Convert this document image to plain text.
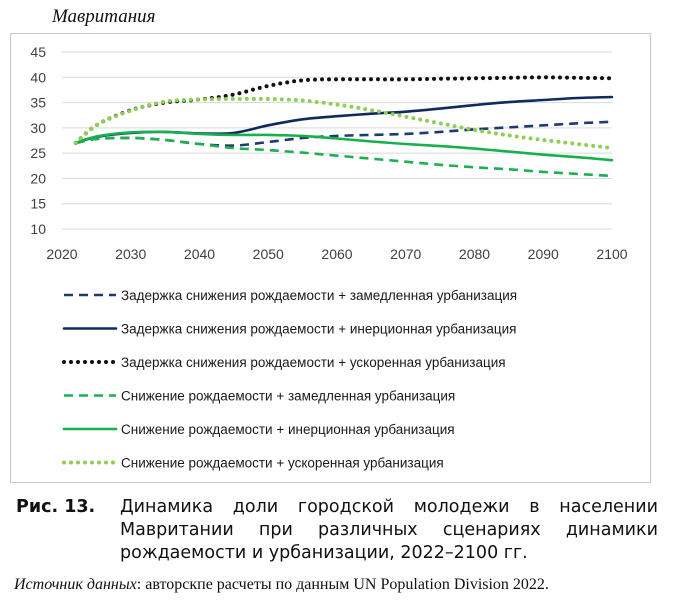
Мавритания
10
15
20
25
30
35
40
45
2020	2030	2040	2050	2060	2070	2080	2090	2100
Задержка снижения рождаемости + замедленная урбанизация
Задержка снижения рождаемости + инерционная урбанизация
Задержка снижения рождаемости + ускоренная урбанизация
Снижение рождаемости + замедленная урбанизация
Снижение рождаемости + инерционная урбанизация
Снижение рождаемости + ускоренная урбанизация
Рис. 13. Динамика доли городской молодежи в населении Мавритании при различных сценариях динамики рождаемости и урбанизации, 2022–2100 гг.
Источник данных: авторскпе расчеты по данным UN Population Division 2022.
